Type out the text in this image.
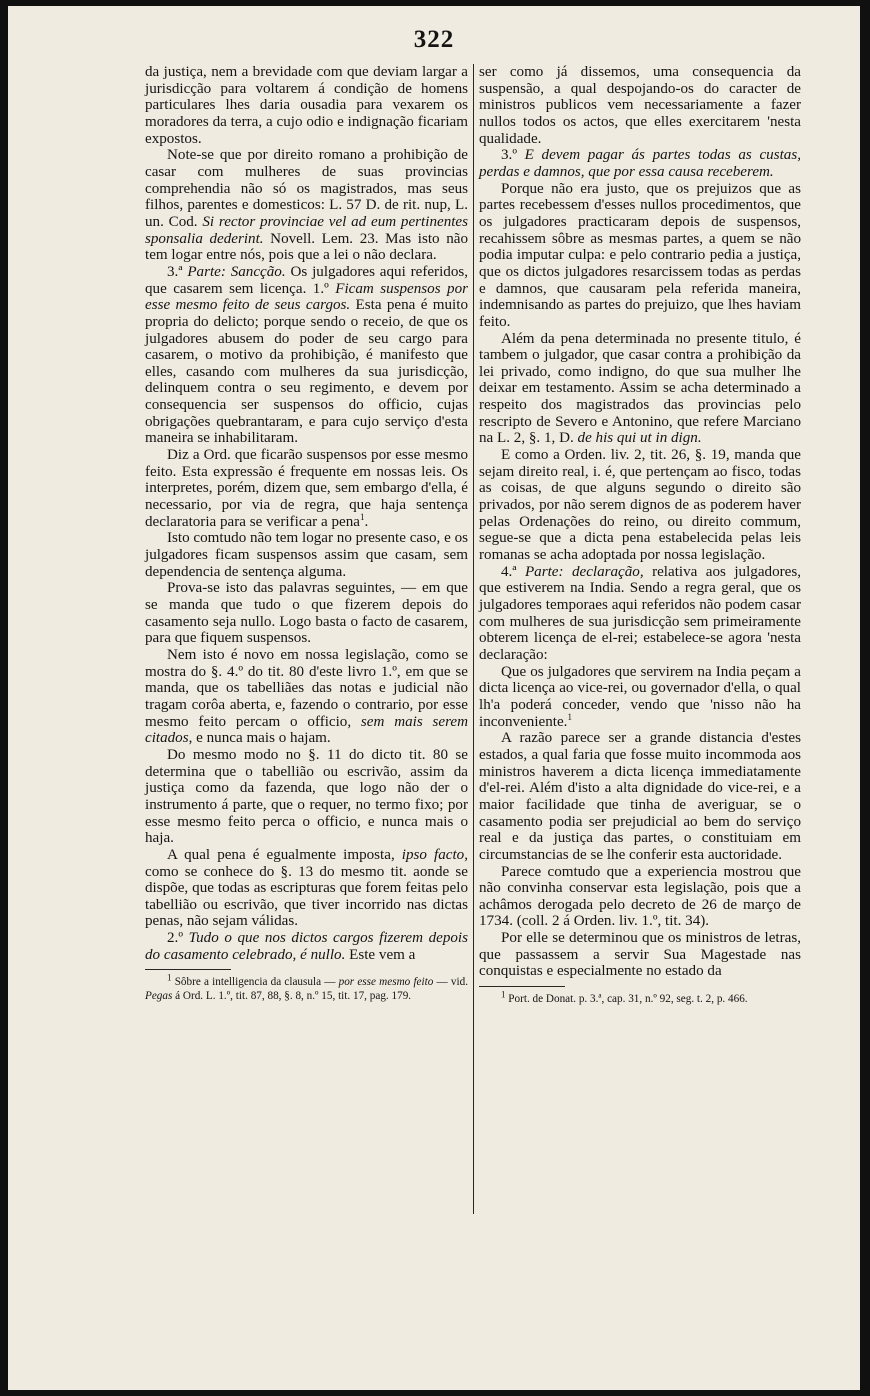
322

da justiça, nem a brevidade com que deviam largar a jurisdicção para voltarem á condição de homens particulares lhes daria ousadia para vexarem os moradores da terra, a cujo odio e indignação ficariam expostos.

Note-se que por direito romano a prohibição de casar com mulheres de suas provincias comprehendia não só os magistrados, mas seus filhos, parentes e domesticos: L. 57 D. de rit. nup, L. un. Cod. Si rector provinciae vel ad eum pertinentes sponsalia dederint. Novell. Lem. 23. Mas isto não tem logar entre nós, pois que a lei o não declara.

3.ª Parte: Sancção. Os julgadores aqui referidos, que casarem sem licença. 1.º Ficam suspensos por esse mesmo feito de seus cargos. Esta pena é muito propria do delicto; porque sendo o receio, de que os julgadores abusem do poder de seu cargo para casarem, o motivo da prohibição, é manifesto que elles, casando com mulheres da sua jurisdicção, delinquem contra o seu regimento, e devem por consequencia ser suspensos do officio, cujas obrigações quebrantaram, e para cujo serviço d'esta maneira se inhabilitaram.

Diz a Ord. que ficarão suspensos por esse mesmo feito. Esta expressão é frequente em nossas leis. Os interpretes, porém, dizem que, sem embargo d'ella, é necessario, por via de regra, que haja sentença declaratoria para se verificar a pena$^1$.

Isto comtudo não tem logar no presente caso, e os julgadores ficam suspensos assim que casam, sem dependencia de sentença alguma.

Prova-se isto das palavras seguintes, — em que se manda que tudo o que fizerem depois do casamento seja nullo. Logo basta o facto de casarem, para que fiquem suspensos.

Nem isto é novo em nossa legislação, como se mostra do §. 4.º do tit. 80 d'este livro 1.º, em que se manda, que os tabelliães das notas e judicial não tragam corôa aberta, e, fazendo o contrario, por esse mesmo feito percam o officio, sem mais serem citados, e nunca mais o hajam.

Do mesmo modo no §. 11 do dicto tit. 80 se determina que o tabellião ou escrivão, assim da justiça como da fazenda, que logo não der o instrumento á parte, que o requer, no termo fixo; por esse mesmo feito perca o officio, e nunca mais o haja.

A qual pena é egualmente imposta, ipso facto, como se conhece do §. 13 do mesmo tit. aonde se dispõe, que todas as escripturas que forem feitas pelo tabellião ou escrivão, que tiver incorrido nas dictas penas, não sejam válidas.

2.º Tudo o que nos dictos cargos fizerem depois do casamento celebrado, é nullo. Este vem a

$^1$ Sôbre a intelligencia da clausula — por esse mesmo feito — vid. Pegas á Ord. L. 1.º, tit. 87, 88, §. 8, n.º 15, tit. 17, pag. 179.

ser como já dissemos, uma consequencia da suspensão, a qual despojando-os do caracter de ministros publicos vem necessariamente a fazer nullos todos os actos, que elles exercitarem 'nesta qualidade.

3.º E devem pagar ás partes todas as custas, perdas e damnos, que por essa causa receberem.

Porque não era justo, que os prejuizos que as partes recebessem d'esses nullos procedimentos, que os julgadores practicaram depois de suspensos, recahissem sôbre as mesmas partes, a quem se não podia imputar culpa: e pelo contrario pedia a justiça, que os dictos julgadores resarcissem todas as perdas e damnos, que causaram pela referida maneira, indemnisando as partes do prejuizo, que lhes haviam feito.

Além da pena determinada no presente titulo, é tambem o julgador, que casar contra a prohibição da lei privado, como indigno, do que sua mulher lhe deixar em testamento. Assim se acha determinado a respeito dos magistrados das provincias pelo rescripto de Severo e Antonino, que refere Marciano na L. 2, §. 1, D. de his qui ut in dign.

E como a Orden. liv. 2, tit. 26, §. 19, manda que sejam direito real, i. é, que pertençam ao fisco, todas as coisas, de que alguns segundo o direito são privados, por não serem dignos de as poderem haver pelas Ordenações do reino, ou direito commum, segue-se que a dicta pena estabelecida pelas leis romanas se acha adoptada por nossa legislação.

4.ª Parte: declaração, relativa aos julgadores, que estiverem na India. Sendo a regra geral, que os julgadores temporaes aqui referidos não podem casar com mulheres de sua jurisdicção sem primeiramente obterem licença de el-rei; estabelece-se agora 'nesta declaração:

Que os julgadores que servirem na India peçam a dicta licença ao vice-rei, ou governador d'ella, o qual lh'a poderá conceder, vendo que 'nisso não ha inconveniente.$^1$

A razão parece ser a grande distancia d'estes estados, a qual faria que fosse muito incommoda aos ministros haverem a dicta licença immediatamente d'el-rei. Além d'isto a alta dignidade do vice-rei, e a maior facilidade que tinha de averiguar, se o casamento podia ser prejudicial ao bem do serviço real e da justiça das partes, o constituiam em circumstancias de se lhe conferir esta auctoridade.

Parece comtudo que a experiencia mostrou que não convinha conservar esta legislação, pois que a achâmos derogada pelo decreto de 26 de março de 1734. (coll. 2 á Orden. liv. 1.º, tit. 34).

Por elle se determinou que os ministros de letras, que passassem a servir Sua Magestade nas conquistas e especialmente no estado da

$^1$ Port. de Donat. p. 3.ª, cap. 31, n.º 92, seg. t. 2, p. 466.
